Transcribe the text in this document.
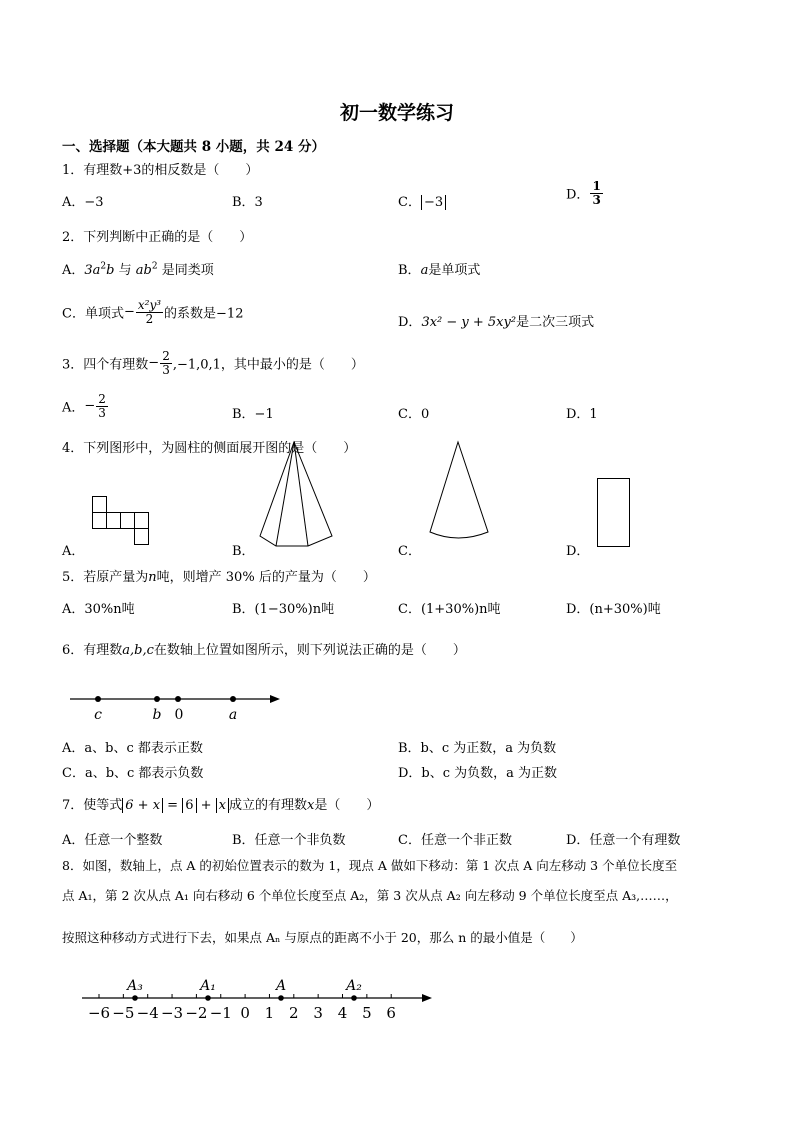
初一数学练习
一、选择题（本大题共 8 小题，共 24 分）
1．有理数+3的相反数是（　　）
A．−3	B．3	C． −3	D． $\frac{1}{3}$
2．下列判断中正确的是（　　）
A．$3a^2b$ 与 $ab^2$ 是同类项	B．a是单项式
C．单项式− $\frac{\text{x²y³}}{2}$ 的系数是−12
D．3x² − y + 5xy²是二次三项式
3．四个有理数− $\frac{2}{3} ,-1,0,1$，其中最小的是（　　）
A．− $\frac{2}{3}$	B．−1	C．0	D．1
4．下列图形中，为圆柱的侧面展开图的是（　　）
A．	B．	C．	D．
5．若原产量为n吨，则增产 30% 后的产量为（　　）
A．30%n吨	B．(1−30%)n吨	C．(1+30%)n吨	D．(n+30%)吨
6．有理数a,b,c在数轴上位置如图所示，则下列说法正确的是（　　）
c	b 0	a
A．a、b、c 都表示正数	B．b、c 为正数，a 为负数
C．a、b、c 都表示负数	D．b、c 为负数，a 为正数
7．使等式 6 + x = 6 + x 成立的有理数x是（　　）
A．任意一个整数	B．任意一个非负数	C．任意一个非正数	D．任意一个有理数
8．如图，数轴上，点 A 的初始位置表示的数为 1，现点 A 做如下移动：第 1 次点 A 向左移动 3 个单位长度至
点 A₁，第 2 次从点 A₁ 向右移动 6 个单位长度至点 A₂，第 3 次从点 A₂ 向左移动 9 个单位长度至点 A₃,……，
按照这种移动方式进行下去，如果点 Aₙ 与原点的距离不小于 20，那么 n 的最小值是（　　）
−6 −5 −4 −3 −2 −1 0 1 2 3 4 5 6
A₃	A₁	A	A₂
